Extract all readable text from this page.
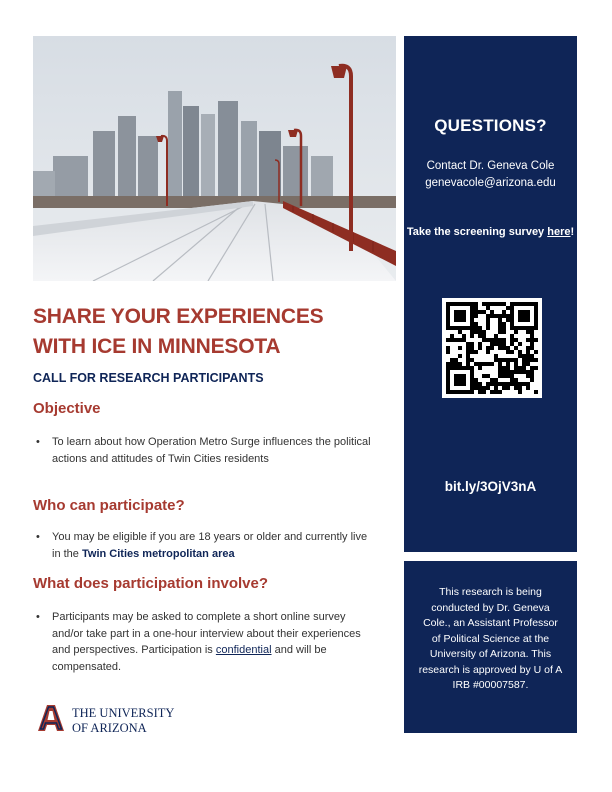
QUESTIONS?
Contact Dr. Geneva Cole
genevacole@arizona.edu
Take the screening survey here!
bit.ly/3OjV3nA
This research is being conducted by Dr. Geneva Cole., an Assistant Professor of Political Science at the University of Arizona. This research is approved by U of A IRB #00007587.
SHARE YOUR EXPERIENCES
WITH ICE IN MINNESOTA
CALL FOR RESEARCH PARTICIPANTS
Objective
• To learn about how Operation Metro Surge influences the political actions and attitudes of Twin Cities residents
Who can participate?
• You may be eligible if you are 18 years or older and currently live in the Twin Cities metropolitan area
What does participation involve?
• Participants may be asked to complete a short online survey and/or take part in a one-hour interview about their experiences and perspectives. Participation is confidential and will be compensated.
THE UNIVERSITY
OF ARIZONA
